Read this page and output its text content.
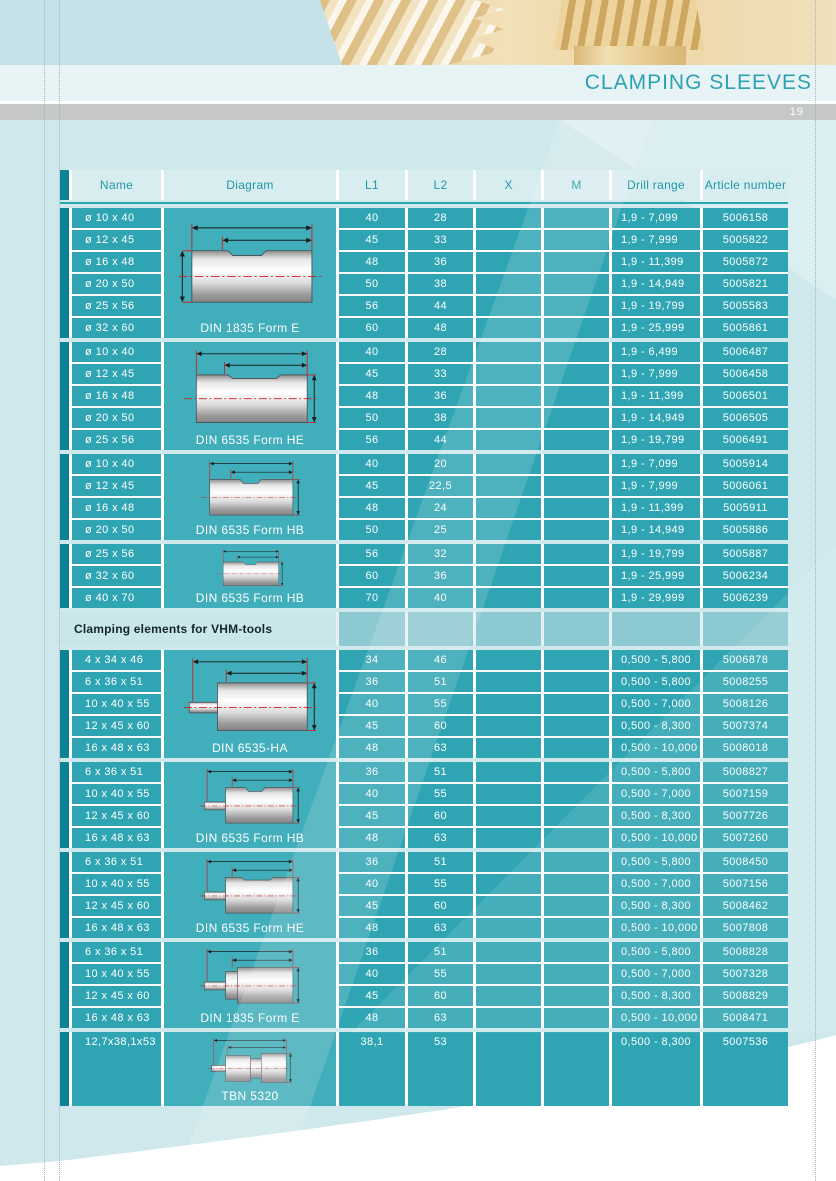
CLAMPING SLEEVES
19
Name	Diagram	L1	L2	X	M	Drill range	Article number
DIN 1835 Form E
ø 10 x 40	40	28	1,9 - 7,099	5006158
ø 12 x 45	45	33	1,9 - 7,999	5005822
ø 16 x 48	48	36	1,9 - 11,399	5005872
ø 20 x 50	50	38	1,9 - 14,949	5005821
ø 25 x 56	56	44	1,9 - 19,799	5005583
ø 32 x 60	60	48	1,9 - 25,999	5005861
DIN 6535 Form HE
ø 10 x 40	40	28	1,9 - 6,499	5006487
ø 12 x 45	45	33	1,9 - 7,999	5006458
ø 16 x 48	48	36	1,9 - 11,399	5006501
ø 20 x 50	50	38	1,9 - 14,949	5006505
ø 25 x 56	56	44	1,9 - 19,799	5006491
DIN 6535 Form HB
ø 10 x 40	40	20	1,9 - 7,099	5005914
ø 12 x 45	45	22,5	1,9 - 7,999	5006061
ø 16 x 48	48	24	1,9 - 11,399	5005911
ø 20 x 50	50	25	1,9 - 14,949	5005886
DIN 6535 Form HB
ø 25 x 56	56	32	1,9 - 19,799	5005887
ø 32 x 60	60	36	1,9 - 25,999	5006234
ø 40 x 70	70	40	1,9 - 29,999	5006239
Clamping elements for VHM-tools
DIN 6535-HA
4 x 34 x 46	34	46	0,500 - 5,800	5006878
6 x 36 x 51	36	51	0,500 - 5,800	5008255
10 x 40 x 55	40	55	0,500 - 7,000	5008126
12 x 45 x 60	45	60	0,500 - 8,300	5007374
16 x 48 x 63	48	63	0,500 - 10,000	5008018
DIN 6535 Form HB
6 x 36 x 51	36	51	0,500 - 5,800	5008827
10 x 40 x 55	40	55	0,500 - 7,000	5007159
12 x 45 x 60	45	60	0,500 - 8,300	5007726
16 x 48 x 63	48	63	0,500 - 10,000	5007260
DIN 6535 Form HE
6 x 36 x 51	36	51	0,500 - 5,800	5008450
10 x 40 x 55	40	55	0,500 - 7,000	5007156
12 x 45 x 60	45	60	0,500 - 8,300	5008462
16 x 48 x 63	48	63	0,500 - 10,000	5007808
DIN 1835 Form E
6 x 36 x 51	36	51	0,500 - 5,800	5008828
10 x 40 x 55	40	55	0,500 - 7,000	5007328
12 x 45 x 60	45	60	0,500 - 8,300	5008829
16 x 48 x 63	48	63	0,500 - 10,000	5008471
TBN 5320
12,7x38,1x53	38,1	53	0,500 - 8,300	5007536
